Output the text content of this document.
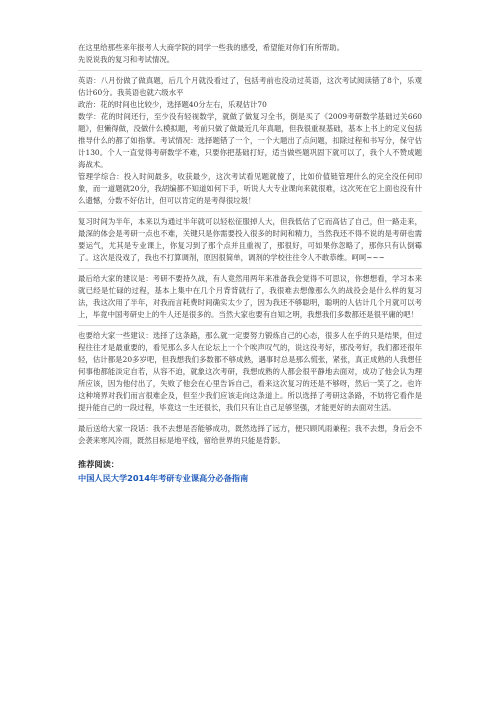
在这里给那些来年报考人大商学院的同学一些我的感受，希望能对你们有所帮助。

先说说我的复习和考试情况。

英语：八月份做了做真题，后几个月就没看过了，包括考前也没动过英语，这次考试阅读错了8个，乐观估计60分。我英语也就六级水平

政治：花的时间也比较少，选择题40分左右，乐观估计70

数学：花的时间还行，至少没有轻视数学，就做了做复习全书，倒是买了《2009考研数学基础过关660题》，但懒得做，没做什么模拟题，考前只做了做最近几年真题，但我很重视基础，基本上书上的定义包括推导什么的都了如指掌。考试情况：选择题错了一个，一个大题出了点问题，扣除过程和书写分，保守估计130。个人一直觉得考研数学不难，只要你把基础打好，适当做些题巩固下就可以了，我个人不赞成题海战术。

管理学综合：投入时间最多，收获最少，这次考试看见题就傻了，比如价值链管理什么的完全没任何印象，而一道题就20分，我胡编都不知道如何下手，听说人大专业课向来就很难，这次死在它上面也没有什么遗憾，分数不好估计，但可以肯定的是考得很垃圾！

复习时间为半年，本来以为通过半年就可以轻松征服掉人大，但我低估了它而高估了自己，但一路走来，最深的体会是考研一点也不难，关键只是你需要投入很多的时间和精力，当然我还不得不说的是考研也需要运气，尤其是专业课上，你复习到了那个点并且重视了，那很好，可如果你忽略了，那你只有认倒霉了。这次是没戏了，我也不打算调剂，原因很简单，调剂的学校往往令人不敢恭维。呵呵~~~

最后给大家的建议是：考研不要持久战，有人竟然用两年来准备我会觉得不可思议，你想想看，学习本来就已经是忙碌的过程，基本上集中在几个月背背就行了，我很难去想像那么久的战役会是什么样的复习法，我这次用了半年，对我而言耗费时间确实太少了，因为我还不够聪明，聪明的人估计几个月就可以考上，毕竟中国考研史上的牛人还是很多的。当然大家也要有自知之明，我想我们多数都还是很平庸的吧！

也要给大家一些建议：选择了这条路，那么就一定要努力锻炼自己的心态，很多人在乎的只是结果，但过程往往才是最重要的，看见那么多人在论坛上一个个唉声叹气的，说这没考好，那没考好，我们都还很年轻，估计都是20多岁吧，但我想我们多数都不够成熟，遇事时总是那么慌张，紧张，真正成熟的人我想任何事他都能淡定自若，从容不迫，就象这次考研，我想成熟的人都会很平静地去面对，成功了他会认为理所应该，因为他付出了，失败了他会在心里告诉自己，看来这次复习的还是不够呀，然后一笑了之。也许这种境界对我们而言很难企及，但至少我们应该走向这条道上。所以选择了考研这条路，不妨将它看作是提升能自己的一段过程，毕竟这一生还很长，我们只有让自己足够坚强，才能更好的去面对生活。

最后送给大家一段话：我不去想是否能够成功，既然选择了远方，便只顾风雨兼程；我不去想，身后会不会袭来寒风冷雨，既然目标是地平线，留给世界的只能是背影。

推荐阅读：
中国人民大学2014年考研专业课高分必备指南
